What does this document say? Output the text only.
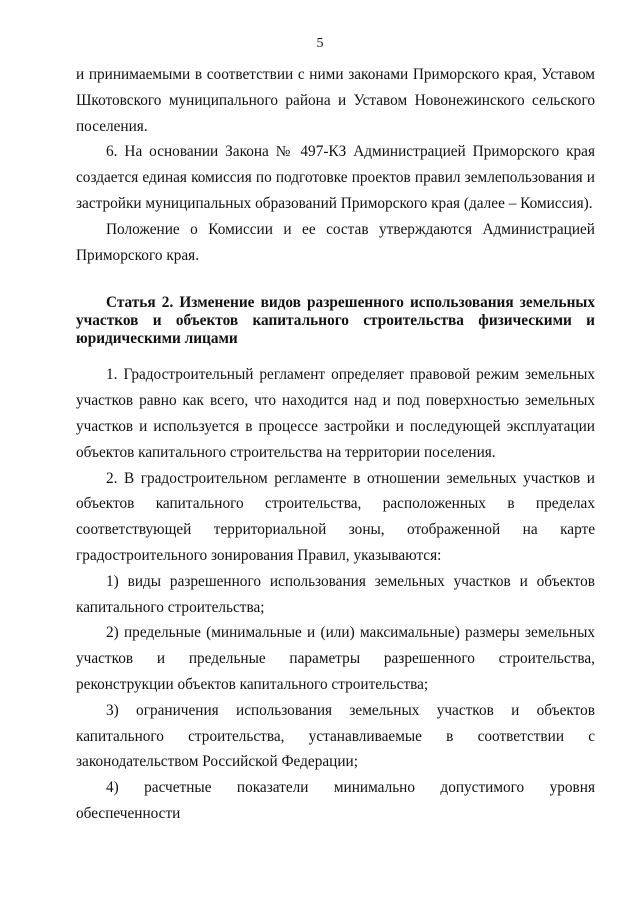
5

и принимаемыми в соответствии с ними законами Приморского края, Уставом Шкотовского муниципального района и Уставом Новонежинского сельского поселения.

6. На основании Закона № 497-КЗ Администрацией Приморского края создается единая комиссия по подготовке проектов правил землепользования и застройки муниципальных образований Приморского края (далее – Комиссия).

Положение о Комиссии и ее состав утверждаются Администрацией Приморского края.

Статья 2. Изменение видов разрешенного использования земельных участков и объектов капитального строительства физическими и юридическими лицами

1. Градостроительный регламент определяет правовой режим земельных участков равно как всего, что находится над и под поверхностью земельных участков и используется в процессе застройки и последующей эксплуатации объектов капитального строительства на территории поселения.

2. В градостроительном регламенте в отношении земельных участков и объектов капитального строительства, расположенных в пределах соответствующей территориальной зоны, отображенной на карте градостроительного зонирования Правил, указываются:

1) виды разрешенного использования земельных участков и объектов капитального строительства;

2) предельные (минимальные и (или) максимальные) размеры земельных участков и предельные параметры разрешенного строительства, реконструкции объектов капитального строительства;

3) ограничения использования земельных участков и объектов капитального строительства, устанавливаемые в соответствии с законодательством Российской Федерации;

4) расчетные показатели минимально допустимого уровня обеспеченности
